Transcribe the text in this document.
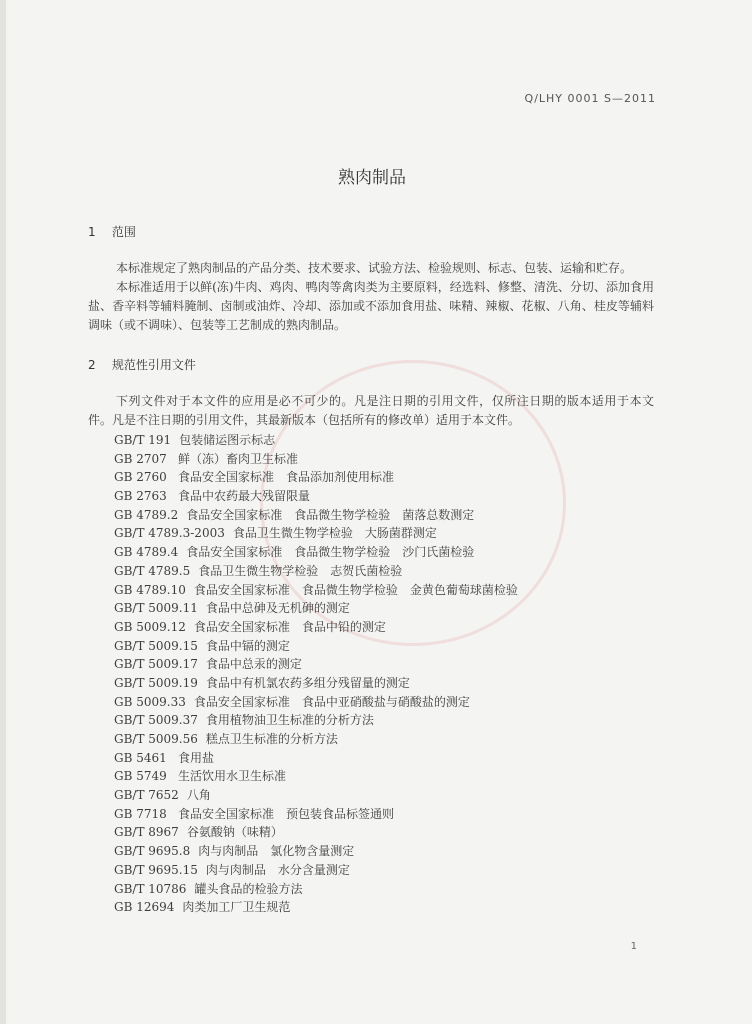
Q/LHY 0001 S—2011
熟肉制品
1 范围

本标准规定了熟肉制品的产品分类、技术要求、试验方法、检验规则、标志、包装、运输和贮存。

本标准适用于以鲜(冻)牛肉、鸡肉、鸭肉等禽肉类为主要原料，经选料、修整、清洗、分切、添加食用盐、香辛料等辅料腌制、卤制或油炸、冷却、添加或不添加食用盐、味精、辣椒、花椒、八角、桂皮等辅料调味（或不调味）、包装等工艺制成的熟肉制品。

2 规范性引用文件

下列文件对于本文件的应用是必不可少的。凡是注日期的引用文件，仅所注日期的版本适用于本文件。凡是不注日期的引用文件，其最新版本（包括所有的修改单）适用于本文件。

GB/T 191 包装储运图示标志
GB 2707 鲜（冻）畜肉卫生标准
GB 2760 食品安全国家标准　食品添加剂使用标准
GB 2763 食品中农药最大残留限量
GB 4789.2 食品安全国家标准　食品微生物学检验　菌落总数测定
GB/T 4789.3-2003 食品卫生微生物学检验　大肠菌群测定
GB 4789.4 食品安全国家标准　食品微生物学检验　沙门氏菌检验
GB/T 4789.5 食品卫生微生物学检验　志贺氏菌检验
GB 4789.10 食品安全国家标准　食品微生物学检验　金黄色葡萄球菌检验
GB/T 5009.11 食品中总砷及无机砷的测定
GB 5009.12 食品安全国家标准　食品中铅的测定
GB/T 5009.15 食品中镉的测定
GB/T 5009.17 食品中总汞的测定
GB/T 5009.19 食品中有机氯农药多组分残留量的测定
GB 5009.33 食品安全国家标准　食品中亚硝酸盐与硝酸盐的测定
GB/T 5009.37 食用植物油卫生标准的分析方法
GB/T 5009.56 糕点卫生标准的分析方法
GB 5461 食用盐
GB 5749 生活饮用水卫生标准
GB/T 7652 八角
GB 7718 食品安全国家标准　预包装食品标签通则
GB/T 8967 谷氨酸钠（味精）
GB/T 9695.8 肉与肉制品　氯化物含量测定
GB/T 9695.15 肉与肉制品　水分含量测定
GB/T 10786 罐头食品的检验方法
GB 12694 肉类加工厂卫生规范
1
